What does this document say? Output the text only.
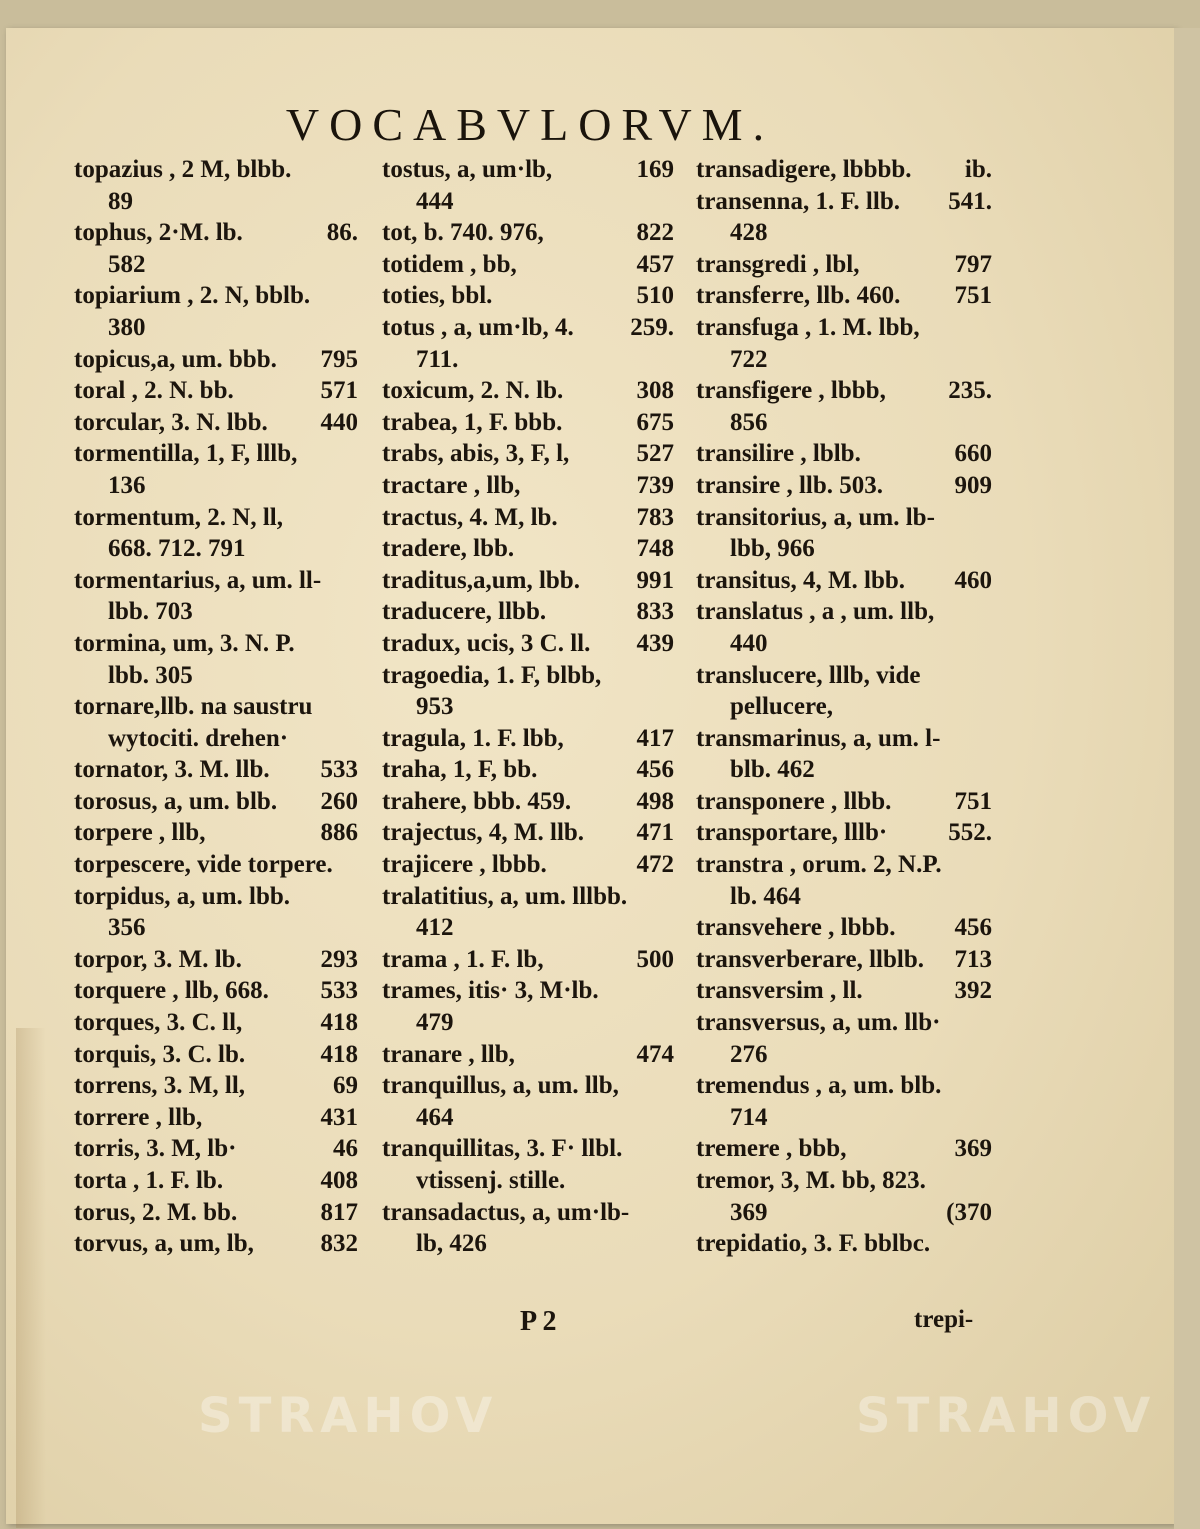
VOCABVLORVM.
topazius , 2 M, blbb.
89
tophus, 2·M. lb.	86.
582
topiarium , 2. N, bblb.
380
topicus,a, um. bbb.	795
toral , 2. N. bb.	571
torcular, 3. N. lbb.	440
tormentilla, 1, F, lllb,
136
tormentum, 2. N, ll,
668. 712. 791
tormentarius, a, um. ll-
lbb. 703
tormina, um, 3. N. P.
lbb. 305
tornare,llb. na saustru
wytociti. drehen·
tornator, 3. M. llb.	533
torosus, a, um. blb.	260
torpere , llb,	886
torpescere, vide torpere.
torpidus, a, um. lbb.
356
torpor, 3. M. lb.	293
torquere , llb, 668.	533
torques, 3. C. ll,	418
torquis, 3. C. lb.	418
torrens, 3. M, ll,	69
torrere , llb,	431
torris, 3. M, lb·	46
torta , 1. F. lb.	408
torus, 2. M. bb.	817
torvus, a, um, lb,	832
tostus, a, um·lb,	169
444
tot, b. 740. 976,	822
totidem , bb,	457
toties, bbl.	510
totus , a, um·lb, 4.	259.
711.
toxicum, 2. N. lb.	308
trabea, 1, F. bbb.	675
trabs, abis, 3, F, l,	527
tractare , llb,	739
tractus, 4. M, lb.	783
tradere, lbb.	748
traditus,a,um, lbb.	991
traducere, llbb.	833
tradux, ucis, 3 C. ll.	439
tragoedia, 1. F, blbb,
953
tragula, 1. F. lbb,	417
traha, 1, F, bb.	456
trahere, bbb. 459.	498
trajectus, 4, M. llb.	471
trajicere , lbbb.	472
tralatitius, a, um. lllbb.
412
trama , 1. F. lb,	500
trames, itis· 3, M·lb.
479
tranare , llb,	474
tranquillus, a, um. llb,
464
tranquillitas, 3. F· llbl.
vtissenj. stille.
transadactus, a, um·lb-
lb, 426
transadigere, lbbbb.	ib.
transenna, 1. F. llb.	541.
428
transgredi , lbl,	797
transferre, llb. 460.	751
transfuga , 1. M. lbb,
722
transfigere , lbbb,	235.
856
transilire , lblb.	660
transire , llb. 503.	909
transitorius, a, um. lb-
lbb, 966
transitus, 4, M. lbb.	460
translatus , a , um. llb,
440
translucere, lllb, vide
pellucere,
transmarinus, a, um. l-
blb. 462
transponere , llbb.	751
transportare, lllb·	552.
transtra , orum. 2, N.P.
lb. 464
transvehere , lbbb.	456
transverberare, llblb.	713
transversim , ll.	392
transversus, a, um. llb·
276
tremendus , a, um. blb.
714
tremere , bbb,	369
tremor, 3, M. bb, 823.
369	(370
trepidatio, 3. F. bblbc.
P 2	trepi-
STRAHOV	STRAHOV
